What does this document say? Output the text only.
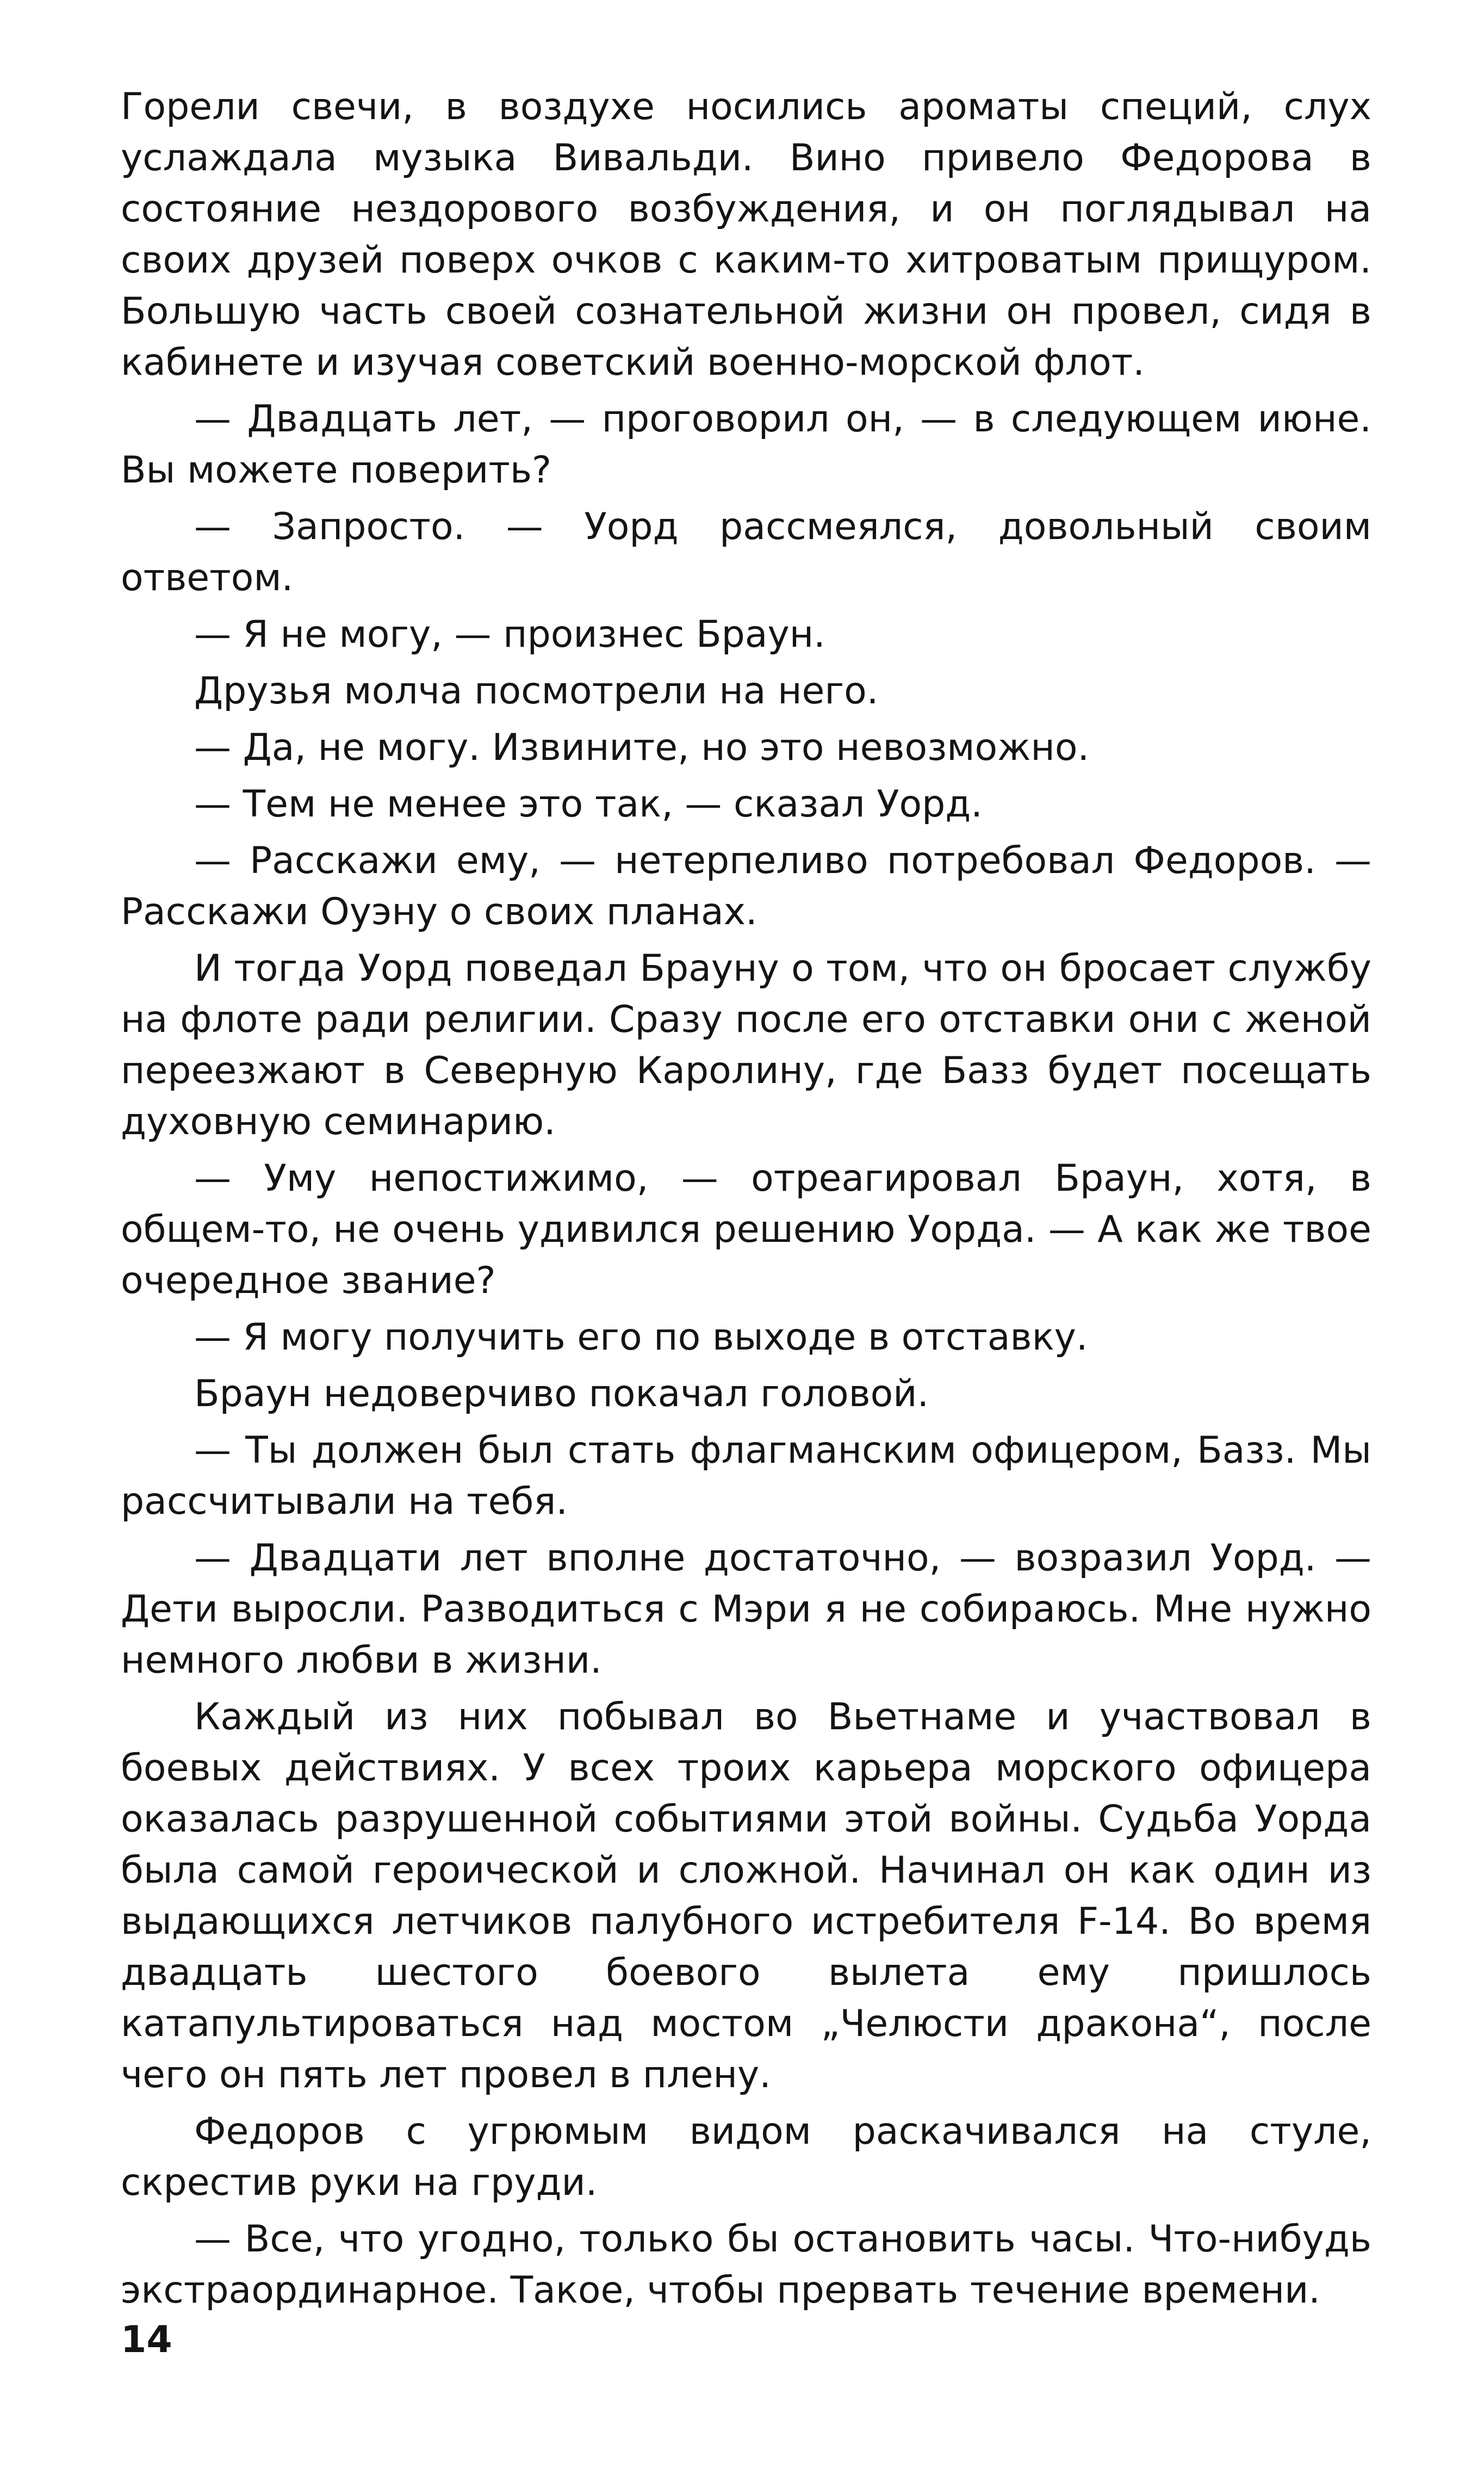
Горели свечи, в воздухе носились ароматы специй, слух услаждала музыка Вивальди. Вино привело Федорова в состояние нездорового возбуждения, и он поглядывал на своих друзей поверх очков с каким-то хитроватым прищуром. Большую часть своей сознательной жизни он провел, сидя в кабинете и изучая советский военно-морской флот.

— Двадцать лет, — проговорил он, — в следующем июне. Вы можете поверить?

— Запросто. — Уорд рассмеялся, довольный своим ответом.

— Я не могу, — произнес Браун.

Друзья молча посмотрели на него.

— Да, не могу. Извините, но это невозможно.

— Тем не менее это так, — сказал Уорд.

— Расскажи ему, — нетерпеливо потребовал Федоров. — Расскажи Оуэну о своих планах.

И тогда Уорд поведал Брауну о том, что он бросает службу на флоте ради религии. Сразу после его отставки они с женой переезжают в Северную Каролину, где Базз будет посещать духовную семинарию.

— Уму непостижимо, — отреагировал Браун, хотя, в общем-то, не очень удивился решению Уорда. — А как же твое очередное звание?

— Я могу получить его по выходе в отставку.

Браун недоверчиво покачал головой.

— Ты должен был стать флагманским офицером, Базз. Мы рассчитывали на тебя.

— Двадцати лет вполне достаточно, — возразил Уорд. — Дети выросли. Разводиться с Мэри я не собираюсь. Мне нужно немного любви в жизни.

Каждый из них побывал во Вьетнаме и участвовал в боевых действиях. У всех троих карьера морского офицера оказалась разрушенной событиями этой войны. Судьба Уорда была самой героической и сложной. Начинал он как один из выдающихся летчиков палубного истребителя F-14. Во время двадцать шестого боевого вылета ему пришлось катапультироваться над мостом „Челюсти дракона“, после чего он пять лет провел в плену.

Федоров с угрюмым видом раскачивался на стуле, скрестив руки на груди.

— Все, что угодно, только бы остановить часы. Что-нибудь экстраординарное. Такое, чтобы прервать течение времени.

14
